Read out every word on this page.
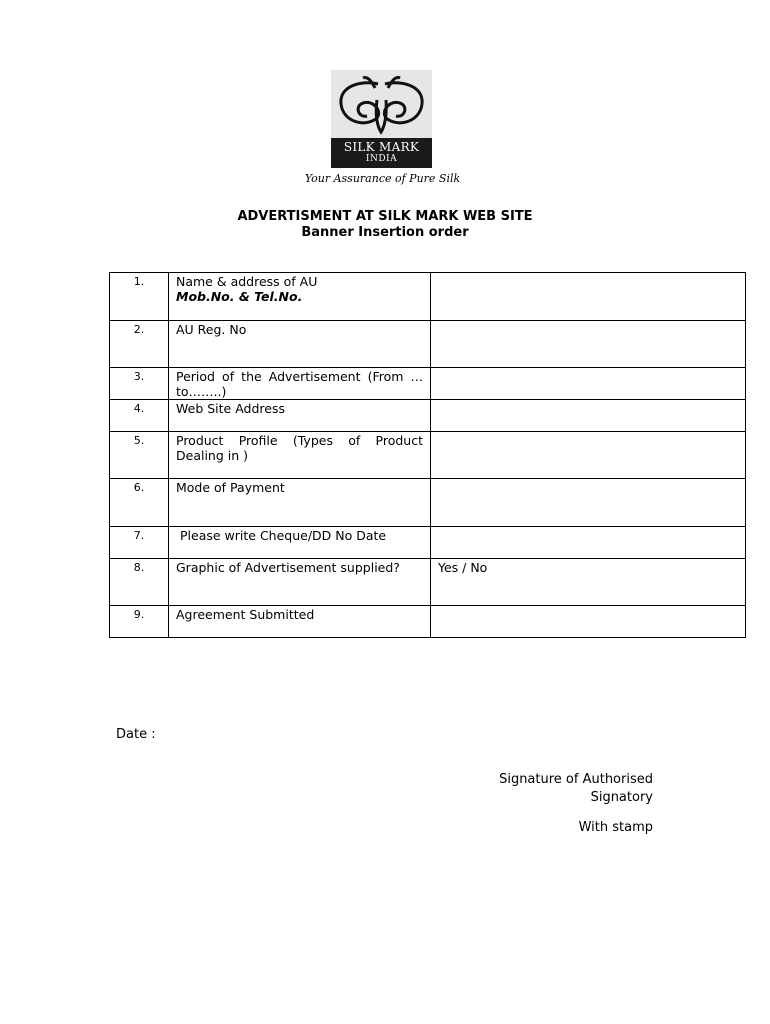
SILK MARK
INDIA
Your Assurance of Pure Silk
ADVERTISMENT AT SILK MARK WEB SITE
Banner Insertion order
1.	Name & address of AU
Mob.No. & Tel.No.	

2.	AU Reg. No	
3.	Period of the Advertisement (From …to……..)	
4.	Web Site Address	
5.	Product Profile (Types of Product Dealing in )	
6.	Mode of Payment	
7.	Please write Cheque/DD No Date	
8.	Graphic of Advertisement supplied?	Yes / No
9.	Agreement Submitted	
Date :
Signature of Authorised
Signatory
With stamp
